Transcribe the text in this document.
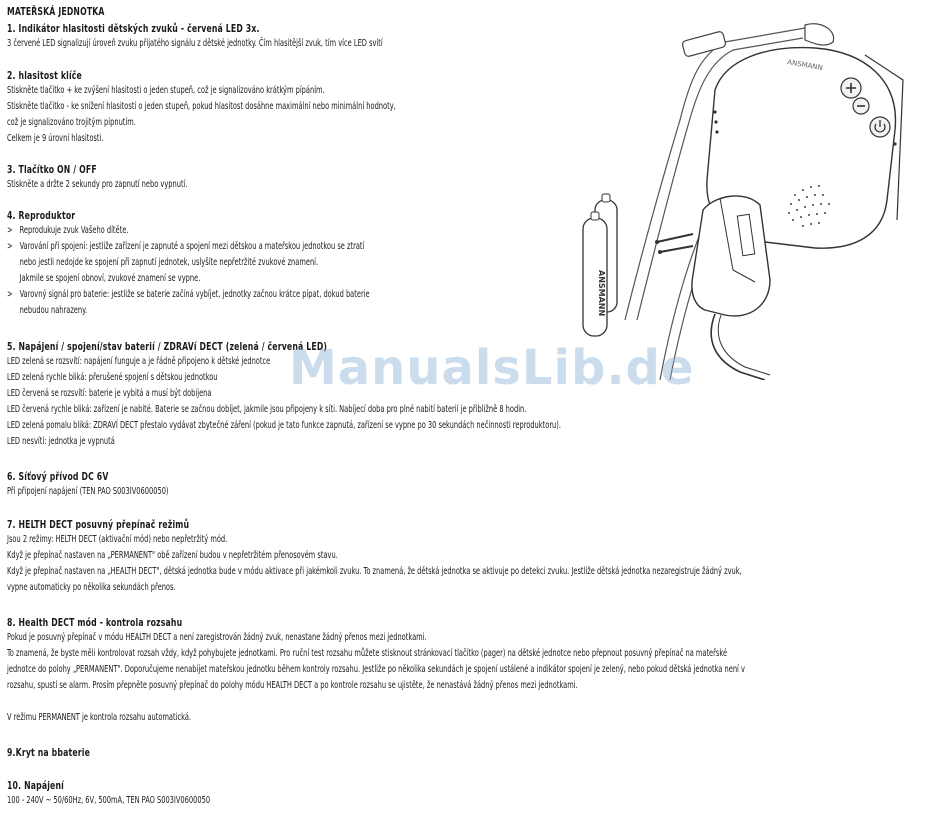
MATEŘSKÁ JEDNOTKA
1. Indikátor hlasitosti dětských zvuků - červená LED 3x.
3 červené LED signalizují úroveň zvuku přijatého signálu z dětské jednotky. Čím hlasitější zvuk, tím více LED svítí
2. hlasitost klíče
Stiskněte tlačítko + ke zvýšení hlasitosti o jeden stupeň, což je signalizováno krátkým pípáním.
Stiskněte tlačítko - ke snížení hlasitosti o jeden stupeň, pokud hlasitost dosáhne maximální nebo minimální hodnoty,
což je signalizováno trojitým pípnutím.
Celkem je 9 úrovní hlasitosti.
3. Tlačítko ON / OFF
Stiskněte a držte 2 sekundy pro zapnutí nebo vypnutí.
4. Reproduktor
> Reprodukuje zvuk Vašeho dítěte.
> Varování při spojení: jestliže zařízení je zapnuté a spojení mezi dětskou a mateřskou jednotkou se ztratí
nebo jestli nedojde ke spojení při zapnutí jednotek, uslyšíte nepřetržité zvukové znamení.
Jakmile se spojení obnoví, zvukové znamení se vypne.
> Varovný signál pro baterie: jestliže se baterie začíná vybíjet, jednotky začnou krátce pípat, dokud baterie
nebudou nahrazeny.
5. Napájení / spojení/stav baterií / ZDRAVí DECT (zelená / červená LED)
LED zelená se rozsvítí: napájení funguje a je řádně připojeno k dětské jednotce
LED zelená rychle bliká: přerušené spojení s dětskou jednotkou
LED červená se rozsvítí: baterie je vybitá a musí být dobijena
LED červená rychle bliká: zařízení je nabité. Baterie se začnou dobíjet, jakmile jsou připojeny k síti. Nabíjecí doba pro plné nabití baterií je přibližně 8 hodin.
LED zelená pomalu bliká: ZDRAVÍ DECT přestalo vydávat zbytečné záření (pokud je tato funkce zapnutá, zařízení se vypne po 30 sekundách nečinnosti reproduktoru).
LED nesvítí: jednotka je vypnutá
6. Síťový přívod DC 6V
Při připojení napájení (TEN PAO S003IV0600050)
7. HELTH DECT posuvný přepínač režimů
Jsou 2 režimy: HELTH DECT (aktivační mód) nebo nepřetržitý mód.
Když je přepínač nastaven na „PERMANENT" obě zařízení budou v nepřetržitém přenosovém stavu.
Když je přepínač nastaven na „HEALTH DECT", dětská jednotka bude v módu aktivace při jakémkoli zvuku. To znamená, že dětská jednotka se aktivuje po detekci zvuku. Jestliže dětská jednotka nezaregistruje žádný zvuk,
vypne automaticky po několika sekundách přenos.
8. Health DECT mód - kontrola rozsahu
Pokud je posuvný přepínač v módu HEALTH DECT a není zaregistrován žádný zvuk, nenastane žádný přenos mezi jednotkami.
To znamená, že byste měli kontrolovat rozsah vždy, když pohybujete jednotkami. Pro ruční test rozsahu můžete stisknout stránkovací tlačítko (pager) na dětské jednotce nebo přepnout posuvný přepínač na mateřské
jednotce do polohy „PERMANENT". Doporučujeme nenabíjet mateřskou jednotku během kontroly rozsahu. Jestliže po několika sekundách je spojení ustálené a indikátor spojení je zelený, nebo pokud dětská jednotka není v
rozsahu, spustí se alarm. Prosím přepněte posuvný přepínač do polohy módu HEALTH DECT a po kontrole rozsahu se ujistěte, že nenastává žádný přenos mezi jednotkami.
V režimu PERMANENT je kontrola rozsahu automatická.
9.Kryt na bbaterie
10. Napájení
100 - 240V ~ 50/60Hz, 6V, 500mA, TEN PAO S003IV0600050
ANSMANN
ANSMANN
ManualsLib.de
